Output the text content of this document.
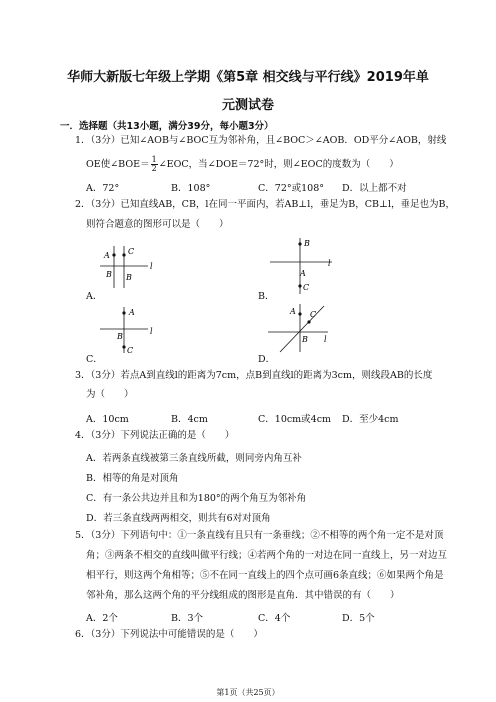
华师大新版七年级上学期《第5章 相交线与平行线》2019年单
元测试卷
一．选择题（共13小题，满分39分，每小题3分）
1．（3分）已知∠AOB与∠BOC互为邻补角，且∠BOC＞∠AOB．OD平分∠AOB，射线
OE使∠BOE＝ $\frac{1}{2}$ ∠EOC，当∠DOE＝72°时，则∠EOC的度数为（　　）
A．72°	B．108°	C．72°或108° D．以上都不对
2．（3分）已知直线AB，CB，l在同一平面内，若AB⊥l，垂足为B，CB⊥l，垂足也为B，
则符合题意的图形可以是（　　）
A C
l
B B
A．
B
l
A
C
B．
A
l
B
C
C．
A C
B l
D．
3．（3分）若点A到直线l的距离为7cm，点B到直线l的距离为3cm，则线段AB的长度
为（　　）
A．10cm	B．4cm	C．10cm或4cm D．至少4cm
4．（3分）下列说法正确的是（　　）
A．若两条直线被第三条直线所截，则同旁内角互补
B．相等的角是对顶角
C．有一条公共边并且和为180°的两个角互为邻补角
D．若三条直线两两相交，则共有6对对顶角
5．（3分）下列语句中：①一条直线有且只有一条垂线；②不相等的两个角一定不是对顶
角；③两条不相交的直线叫做平行线；④若两个角的一对边在同一直线上，另一对边互
相平行，则这两个角相等；⑤不在同一直线上的四个点可画6条直线；⑥如果两个角是
邻补角，那么这两个角的平分线组成的图形是直角．其中错误的有（　　）
A．2个	B．3个	C．4个	D．5个
6．（3分）下列说法中可能错误的是（　　）
第1页（共25页）
